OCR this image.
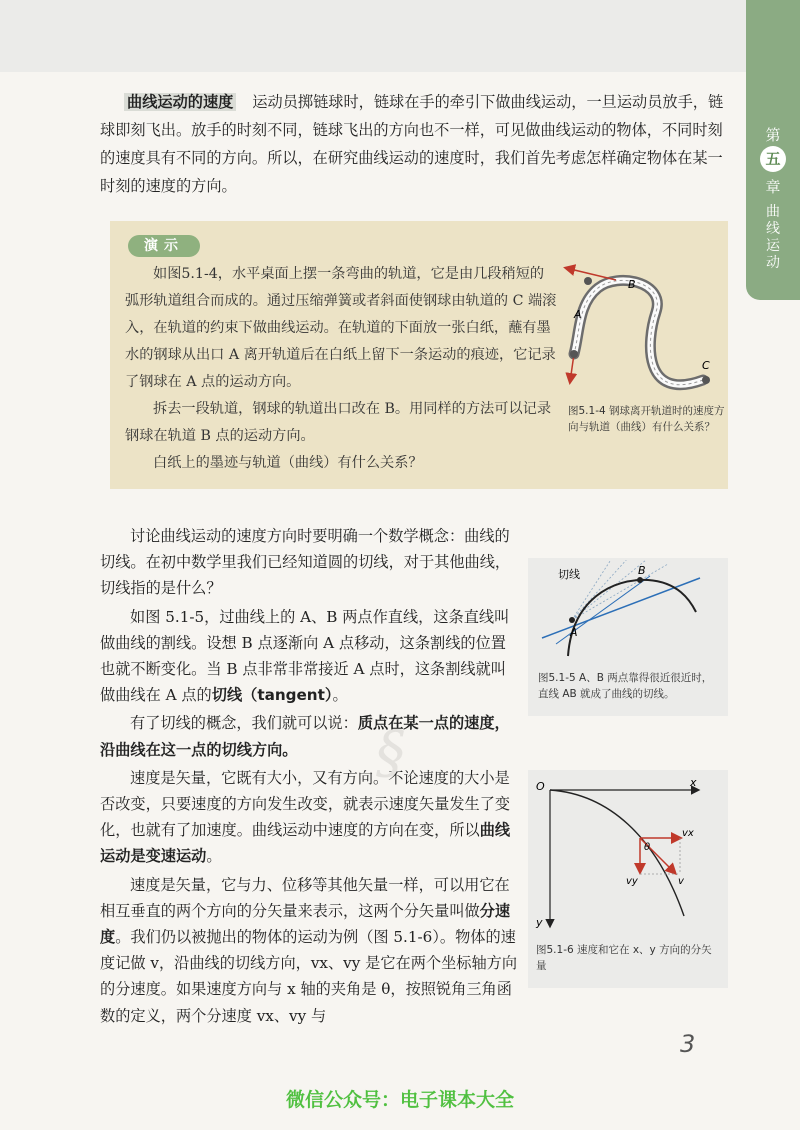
第
五
章
曲线运动
曲线运动的速度 运动员掷链球时，链球在手的牵引下做曲线运动，一旦运动员放手，链球即刻飞出。放手的时刻不同，链球飞出的方向也不一样，可见做曲线运动的物体，不同时刻的速度具有不同的方向。所以，在研究曲线运动的速度时，我们首先考虑怎样确定物体在某一时刻的速度的方向。
演示

如图5.1-4，水平桌面上摆一条弯曲的轨道，它是由几段稍短的弧形轨道组合而成的。通过压缩弹簧或者斜面使钢球由轨道的 C 端滚入，在轨道的约束下做曲线运动。在轨道的下面放一张白纸，蘸有墨水的钢球从出口 A 离开轨道后在白纸上留下一条运动的痕迹，它记录了钢球在 A 点的运动方向。

拆去一段轨道，钢球的轨道出口改在 B。用同样的方法可以记录钢球在轨道 B 点的运动方向。

白纸上的墨迹与轨道（曲线）有什么关系？

B
A
C
图5.1-4 钢球离开轨道时的速度方向与轨道（曲线）有什么关系？

讨论曲线运动的速度方向时要明确一个数学概念：曲线的切线。在初中数学里我们已经知道圆的切线，对于其他曲线，切线指的是什么？

如图 5.1-5，过曲线上的 A、B 两点作直线，这条直线叫做曲线的割线。设想 B 点逐渐向 A 点移动，这条割线的位置也就不断变化。当 B 点非常非常接近 A 点时，这条割线就叫做曲线在 A 点的切线（tangent）。

有了切线的概念，我们就可以说：质点在某一点的速度，沿曲线在这一点的切线方向。

速度是矢量，它既有大小，又有方向。不论速度的大小是否改变，只要速度的方向发生改变，就表示速度矢量发生了变化，也就有了加速度。曲线运动中速度的方向在变，所以曲线运动是变速运动。

速度是矢量，它与力、位移等其他矢量一样，可以用它在相互垂直的两个方向的分矢量来表示，这两个分矢量叫做分速度。我们仍以被抛出的物体的运动为例（图 5.1-6）。物体的速度记做 v，沿曲线的切线方向，vx、vy 是它在两个坐标轴方向的分速度。如果速度方向与 x 轴的夹角是 θ，按照锐角三角函数的定义，两个分速度 vx、vy 与

切线
A
B
图5.1-5 A、B 两点靠得很近很近时，直线 AB 就成了曲线的切线。
O	x
y
vx
vy	v
θ
图5.1-6 速度和它在 x、y 方向的分矢量
§
3
微信公众号：电子课本大全
